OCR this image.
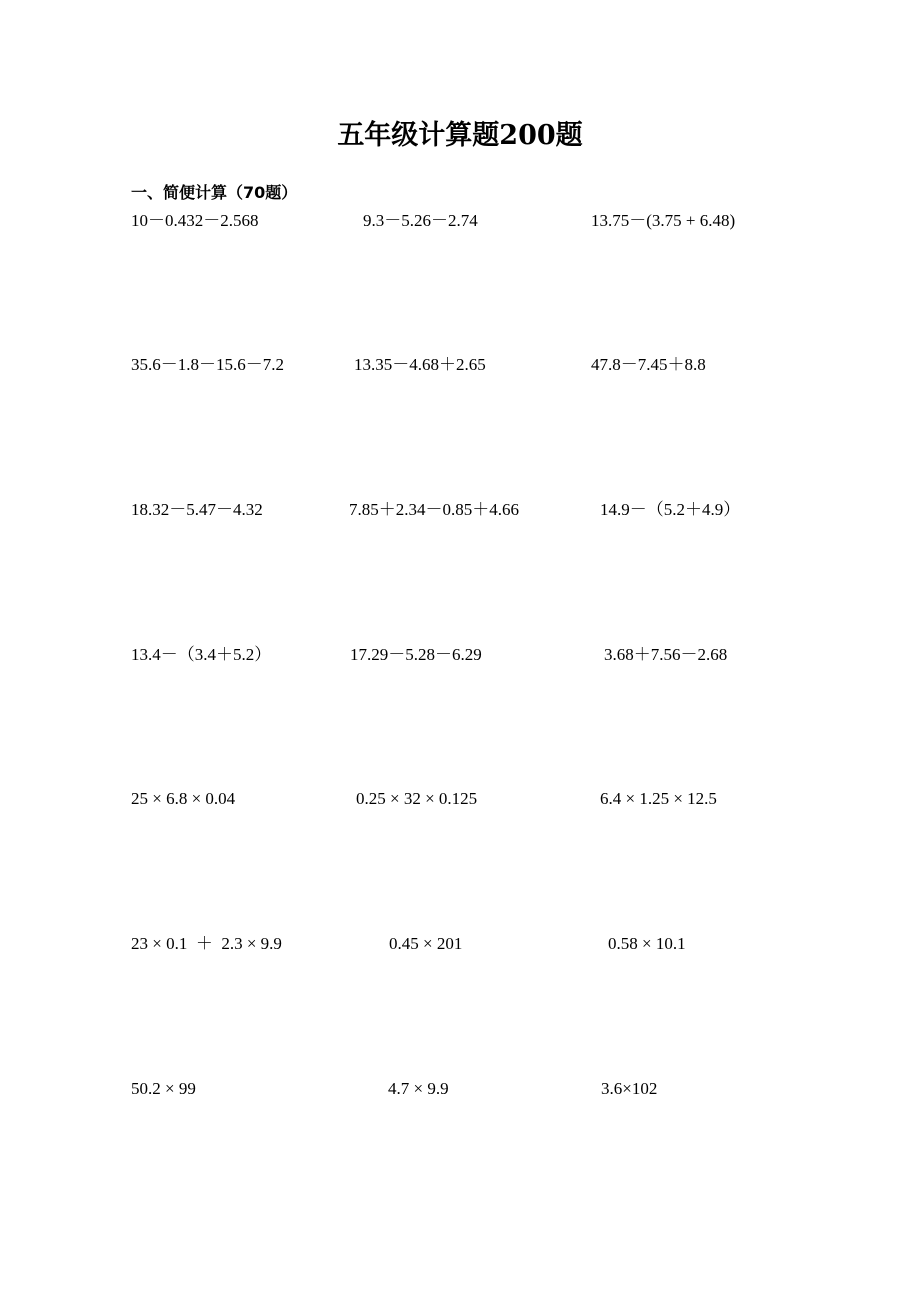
五年级计算题200题
一、简便计算（70题）
10－0.432－2.568	9.3－5.26－2.74	13.75－(3.75 + 6.48)
35.6－1.8－15.6－7.2	13.35－4.68＋2.65	47.8－7.45＋8.8
18.32－5.47－4.32	7.85＋2.34－0.85＋4.66	14.9－（5.2＋4.9）
13.4－（3.4＋5.2）	17.29－5.28－6.29	3.68＋7.56－2.68
25 × 6.8 × 0.04	0.25 × 32 × 0.125	6.4 × 1.25 × 12.5
23 × 0.1  ＋  2.3 × 9.9	0.45 × 201	0.58 × 10.1
50.2 × 99	4.7 × 9.9	3.6×102
